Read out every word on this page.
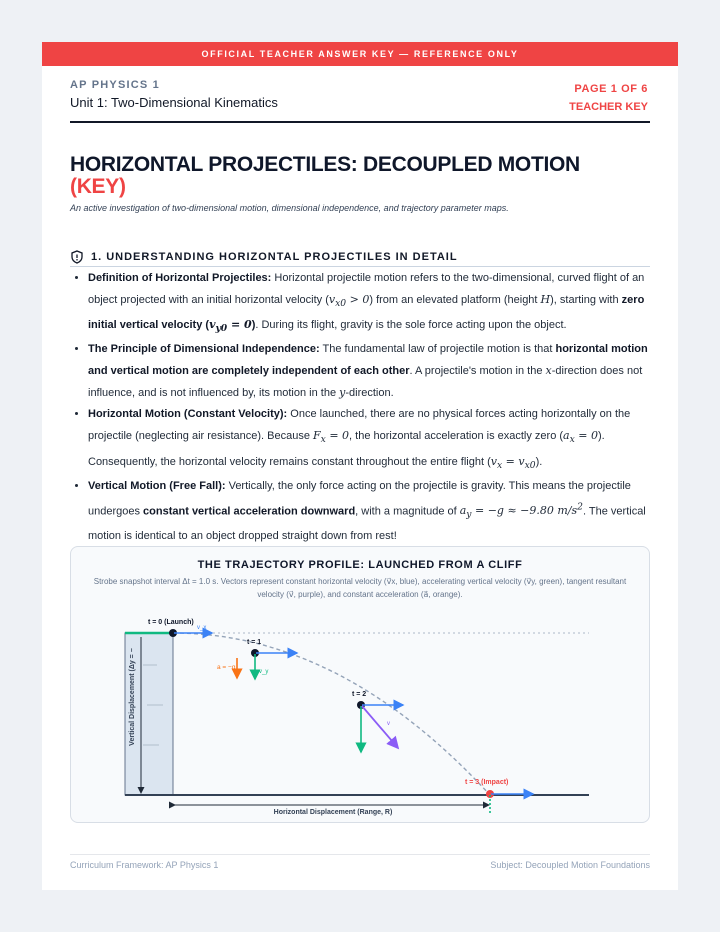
OFFICIAL TEACHER ANSWER KEY — REFERENCE ONLY
AP PHYSICS 1
Unit 1: Two-Dimensional Kinematics
PAGE 1 OF 6
TEACHER KEY
HORIZONTAL PROJECTILES: DECOUPLED MOTION
(KEY)
An active investigation of two-dimensional motion, dimensional independence, and trajectory parameter maps.
1. UNDERSTANDING HORIZONTAL PROJECTILES IN DETAIL
• Definition of Horizontal Projectiles: Horizontal projectile motion refers to the two-dimensional, curved flight of an object projected with an initial horizontal velocity $(v_{x0} > 0)$ from an elevated platform (height H), starting with zero initial vertical velocity $(v_{y0} = 0)$. During its flight, gravity is the sole force acting upon the object.
• The Principle of Dimensional Independence: The fundamental law of projectile motion is that horizontal motion and vertical motion are completely independent of each other. A projectile's motion in the x-direction does not influence, and is not influenced by, its motion in the y-direction.
• Horizontal Motion (Constant Velocity): Once launched, there are no physical forces acting horizontally on the projectile (neglecting air resistance). Because $F_x = 0$, the horizontal acceleration is exactly zero $(a_x = 0)$. Consequently, the horizontal velocity remains constant throughout the entire flight $(v_x = v_{x0})$.
• Vertical Motion (Free Fall): Vertically, the only force acting on the projectile is gravity. This means the projectile undergoes constant vertical acceleration downward, with a magnitude of $a_y = -g \approx -9.80$ $m/s^2$. The vertical motion is identical to an object dropped straight down from rest!
THE TRAJECTORY PROFILE: LAUNCHED FROM A CLIFF
Strobe snapshot interval Δt = 1.0 s. Vectors represent constant horizontal velocity (v⃗x, blue), accelerating vertical velocity (v⃗y, green), tangent resultant velocity (v⃗, purple), and constant acceleration (a⃗, orange).
Vertical Displacement (Δy = −
Horizontal Displacement (Range, R)
a = −g
t = 0 (Launch)
v_x
t = 1
v_y
t = 2
v
t = 3 (Impact)
Curriculum Framework: AP Physics 1	Subject: Decoupled Motion Foundations
